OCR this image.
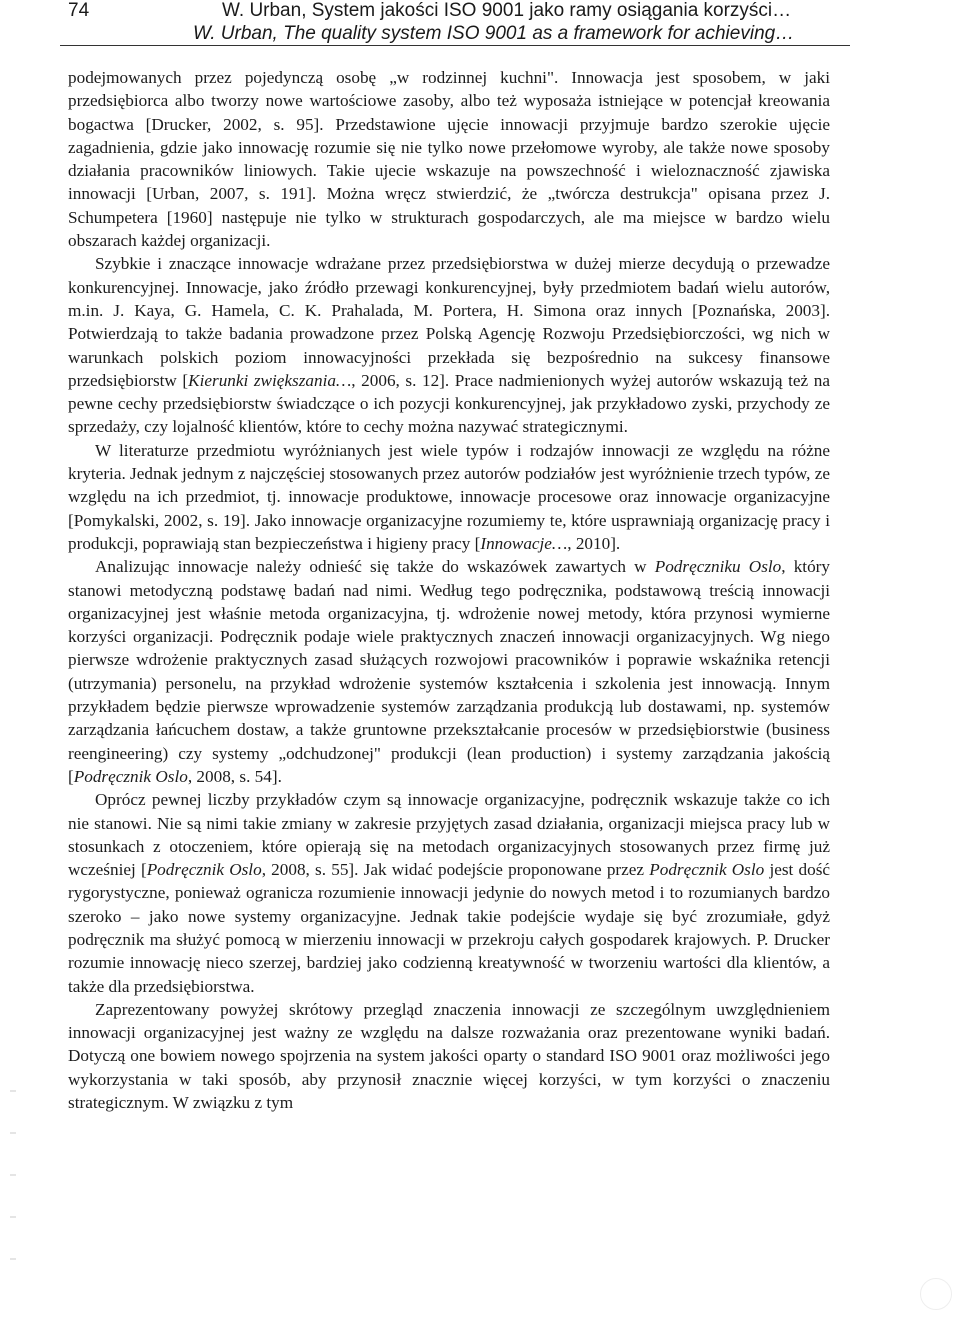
74	W. Urban, System jakości ISO 9001 jako ramy osiągania korzyści…
W. Urban, The quality system ISO 9001 as a framework for achieving…

podejmowanych przez pojedynczą osobę „w rodzinnej kuchni". Innowacja jest sposobem, w jaki przedsiębiorca albo tworzy nowe wartościowe zasoby, albo też wyposaża istniejące w potencjał kreowania bogactwa [Drucker, 2002, s. 95]. Przedstawione ujęcie innowacji przyjmuje bardzo szerokie ujęcie zagadnienia, gdzie jako innowację rozumie się nie tylko nowe przełomowe wyroby, ale także nowe sposoby działania pracowników liniowych. Takie ujecie wskazuje na powszechność i wieloznaczność zjawiska innowacji [Urban, 2007, s. 191]. Można wręcz stwierdzić, że „twórcza destrukcja" opisana przez J. Schumpetera [1960] następuje nie tylko w strukturach gospodarczych, ale ma miejsce w bardzo wielu obszarach każdej organizacji.

Szybkie i znaczące innowacje wdrażane przez przedsiębiorstwa w dużej mierze decydują o przewadze konkurencyjnej. Innowacje, jako źródło przewagi konkurencyjnej, były przedmiotem badań wielu autorów, m.in. J. Kaya, G. Hamela, C. K. Prahalada, M. Portera, H. Simona oraz innych [Poznańska, 2003]. Potwierdzają to także badania prowadzone przez Polską Agencję Rozwoju Przedsiębiorczości, wg nich w warunkach polskich poziom innowacyjności przekłada się bezpośrednio na sukcesy finansowe przedsiębiorstw [Kierunki zwiększania…, 2006, s. 12]. Prace nadmienionych wyżej autorów wskazują też na pewne cechy przedsiębiorstw świadczące o ich pozycji konkurencyjnej, jak przykładowo zyski, przychody ze sprzedaży, czy lojalność klientów, które to cechy można nazywać strategicznymi.

W literaturze przedmiotu wyróżnianych jest wiele typów i rodzajów innowacji ze względu na różne kryteria. Jednak jednym z najczęściej stosowanych przez autorów podziałów jest wyróżnienie trzech typów, ze względu na ich przedmiot, tj. innowacje produktowe, innowacje procesowe oraz innowacje organizacyjne [Pomykalski, 2002, s. 19]. Jako innowacje organizacyjne rozumiemy te, które usprawniają organizację pracy i produkcji, poprawiają stan bezpieczeństwa i higieny pracy [Innowacje…, 2010].

Analizując innowacje należy odnieść się także do wskazówek zawartych w Podręczniku Oslo, który stanowi metodyczną podstawę badań nad nimi. Według tego podręcznika, podstawową treścią innowacji organizacyjnej jest właśnie metoda organizacyjna, tj. wdrożenie nowej metody, która przynosi wymierne korzyści organizacji. Podręcznik podaje wiele praktycznych znaczeń innowacji organizacyjnych. Wg niego pierwsze wdrożenie praktycznych zasad służących rozwojowi pracowników i poprawie wskaźnika retencji (utrzymania) personelu, na przykład wdrożenie systemów kształcenia i szkolenia jest innowacją. Innym przykładem będzie pierwsze wprowadzenie systemów zarządzania produkcją lub dostawami, np. systemów zarządzania łańcuchem dostaw, a także gruntowne przekształcanie procesów w przedsiębiorstwie (business reengineering) czy systemy „odchudzonej" produkcji (lean production) i systemy zarządzania jakością [Podręcznik Oslo, 2008, s. 54].

Oprócz pewnej liczby przykładów czym są innowacje organizacyjne, podręcznik wskazuje także co ich nie stanowi. Nie są nimi takie zmiany w zakresie przyjętych zasad działania, organizacji miejsca pracy lub w stosunkach z otoczeniem, które opierają się na metodach organizacyjnych stosowanych przez firmę już wcześniej [Podręcznik Oslo, 2008, s. 55]. Jak widać podejście proponowane przez Podręcznik Oslo jest dość rygorystyczne, ponieważ ogranicza rozumienie innowacji jedynie do nowych metod i to rozumianych bardzo szeroko – jako nowe systemy organizacyjne. Jednak takie podejście wydaje się być zrozumiałe, gdyż podręcznik ma służyć pomocą w mierzeniu innowacji w przekroju całych gospodarek krajowych. P. Drucker rozumie innowację nieco szerzej, bardziej jako codzienną kreatywność w tworzeniu wartości dla klientów, a także dla przedsiębiorstwa.

Zaprezentowany powyżej skrótowy przegląd znaczenia innowacji ze szczególnym uwzględnieniem innowacji organizacyjnej jest ważny ze względu na dalsze rozważania oraz prezentowane wyniki badań. Dotyczą one bowiem nowego spojrzenia na system jakości oparty o standard ISO 9001 oraz możliwości jego wykorzystania w taki sposób, aby przynosił znacznie więcej korzyści, w tym korzyści o znaczeniu strategicznym. W związku z tym
